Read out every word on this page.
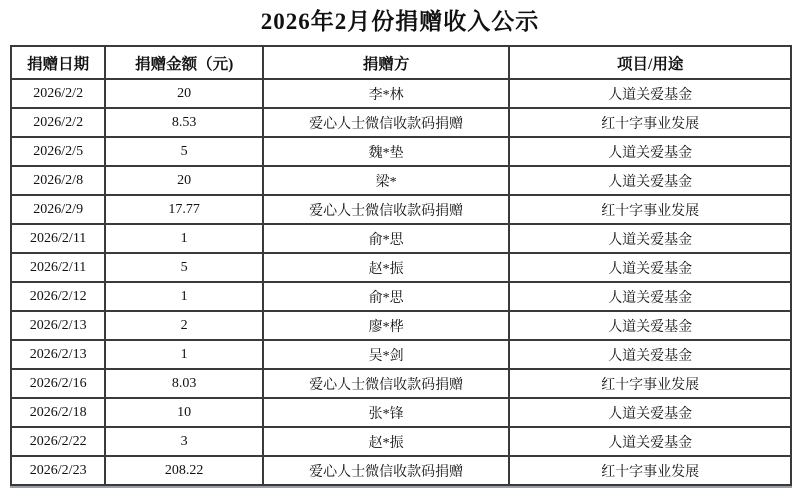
2026年2月份捐赠收入公示
捐赠日期	捐赠金额（元)	捐赠方	项目/用途
2026/2/2	20	李*林	人道关爱基金
2026/2/2	8.53	爱心人士微信收款码捐赠	红十字事业发展
2026/2/5	5	魏*垫	人道关爱基金
2026/2/8	20	梁*	人道关爱基金
2026/2/9	17.77	爱心人士微信收款码捐赠	红十字事业发展
2026/2/11	1	俞*思	人道关爱基金
2026/2/11	5	赵*振	人道关爱基金
2026/2/12	1	俞*思	人道关爱基金
2026/2/13	2	廖*桦	人道关爱基金
2026/2/13	1	吴*剑	人道关爱基金
2026/2/16	8.03	爱心人士微信收款码捐赠	红十字事业发展
2026/2/18	10	张*锋	人道关爱基金
2026/2/22	3	赵*振	人道关爱基金
2026/2/23	208.22	爱心人士微信收款码捐赠	红十字事业发展
